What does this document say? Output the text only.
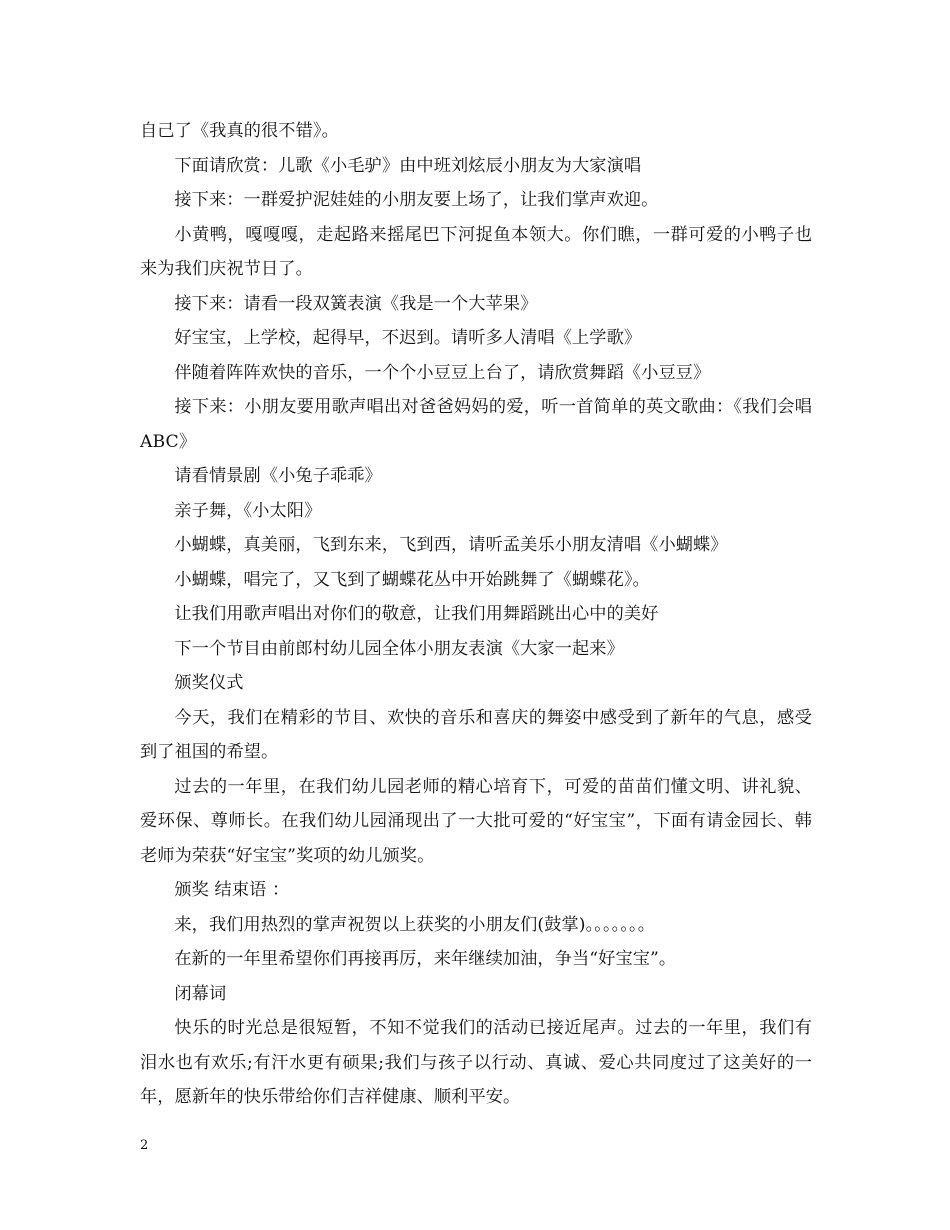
自己了《我真的很不错》。

下面请欣赏：儿歌《小毛驴》由中班刘炫辰小朋友为大家演唱

接下来：一群爱护泥娃娃的小朋友要上场了，让我们掌声欢迎。

小黄鸭，嘎嘎嘎，走起路来摇尾巴下河捉鱼本领大。你们瞧，一群可爱的小鸭子也来为我们庆祝节日了。

接下来：请看一段双簧表演《我是一个大苹果》

好宝宝，上学校，起得早，不迟到。请听多人清唱《上学歌》

伴随着阵阵欢快的音乐，一个个小豆豆上台了，请欣赏舞蹈《小豆豆》

接下来：小朋友要用歌声唱出对爸爸妈妈的爱，听一首简单的英文歌曲：《我们会唱ABC》

请看情景剧《小兔子乖乖》

亲子舞，《小太阳》

小蝴蝶，真美丽，飞到东来，飞到西，请听孟美乐小朋友清唱《小蝴蝶》

小蝴蝶，唱完了，又飞到了蝴蝶花丛中开始跳舞了《蝴蝶花》。

让我们用歌声唱出对你们的敬意，让我们用舞蹈跳出心中的美好

下一个节目由前郎村幼儿园全体小朋友表演《大家一起来》

颁奖仪式

今天，我们在精彩的节目、欢快的音乐和喜庆的舞姿中感受到了新年的气息，感受到了祖国的希望。

过去的一年里，在我们幼儿园老师的精心培育下，可爱的苗苗们懂文明、讲礼貌、爱环保、尊师长。在我们幼儿园涌现出了一大批可爱的“好宝宝”，下面有请金园长、韩老师为荣获“好宝宝”奖项的幼儿颁奖。

颁奖 结束语 ：

来，我们用热烈的掌声祝贺以上获奖的小朋友们(鼓掌)。。。。。。。

在新的一年里希望你们再接再厉，来年继续加油，争当“好宝宝”。

闭幕词

快乐的时光总是很短暂，不知不觉我们的活动已接近尾声。过去的一年里，我们有泪水也有欢乐;有汗水更有硕果;我们与孩子以行动、真诚、爱心共同度过了这美好的一年，愿新年的快乐带给你们吉祥健康、顺利平安。

2
